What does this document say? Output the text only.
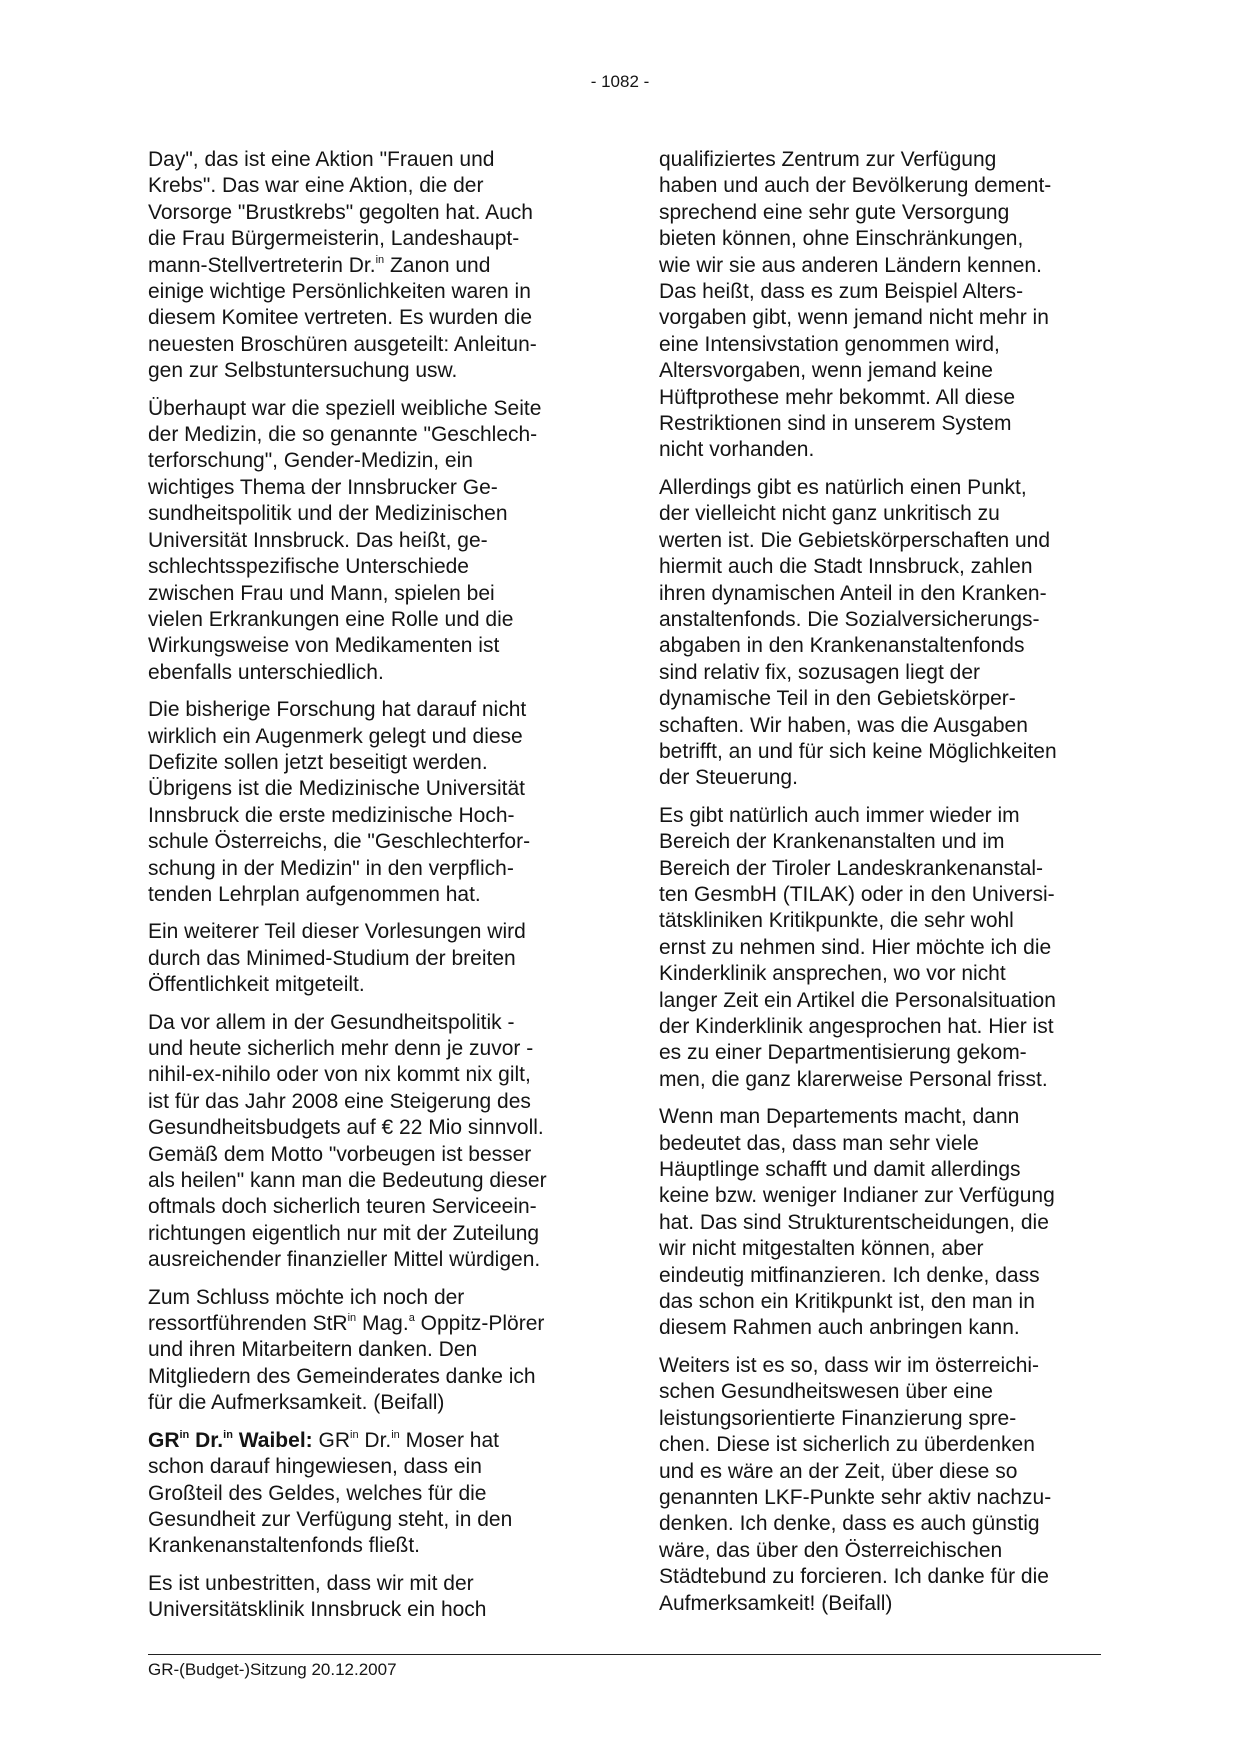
- 1082 -

Day", das ist eine Aktion "Frauen und
Krebs". Das war eine Aktion, die der
Vorsorge "Brustkrebs" gegolten hat. Auch
die Frau Bürgermeisterin, Landeshaupt-
mann-Stellvertreterin Dr.$^{in}$ Zanon und
einige wichtige Persönlichkeiten waren in
diesem Komitee vertreten. Es wurden die
neuesten Broschüren ausgeteilt: Anleitun-
gen zur Selbstuntersuchung usw.

Überhaupt war die speziell weibliche Seite
der Medizin, die so genannte "Geschlech-
terforschung", Gender-Medizin, ein
wichtiges Thema der Innsbrucker Ge-
sundheitspolitik und der Medizinischen
Universität Innsbruck. Das heißt, ge-
schlechtsspezifische Unterschiede
zwischen Frau und Mann, spielen bei
vielen Erkrankungen eine Rolle und die
Wirkungsweise von Medikamenten ist
ebenfalls unterschiedlich.

Die bisherige Forschung hat darauf nicht
wirklich ein Augenmerk gelegt und diese
Defizite sollen jetzt beseitigt werden.
Übrigens ist die Medizinische Universität
Innsbruck die erste medizinische Hoch-
schule Österreichs, die "Geschlechterfor-
schung in der Medizin" in den verpflich-
tenden Lehrplan aufgenommen hat.

Ein weiterer Teil dieser Vorlesungen wird
durch das Minimed-Studium der breiten
Öffentlichkeit mitgeteilt.

Da vor allem in der Gesundheitspolitik -
und heute sicherlich mehr denn je zuvor -
nihil-ex-nihilo oder von nix kommt nix gilt,
ist für das Jahr 2008 eine Steigerung des
Gesundheitsbudgets auf € 22 Mio sinnvoll.
Gemäß dem Motto "vorbeugen ist besser
als heilen" kann man die Bedeutung dieser
oftmals doch sicherlich teuren Serviceein-
richtungen eigentlich nur mit der Zuteilung
ausreichender finanzieller Mittel würdigen.

Zum Schluss möchte ich noch der
ressortführenden StR$^{in}$ Mag.$^a$ Oppitz-Plörer
und ihren Mitarbeitern danken. Den
Mitgliedern des Gemeinderates danke ich
für die Aufmerksamkeit. (Beifall)

$GR^{in}$ Dr.$^{in}$ Waibel: $GR^{in}$ Dr.$^{in}$ Moser hat
schon darauf hingewiesen, dass ein
Großteil des Geldes, welches für die
Gesundheit zur Verfügung steht, in den
Krankenanstaltenfonds fließt.

Es ist unbestritten, dass wir mit der
Universitätsklinik Innsbruck ein hoch

qualifiziertes Zentrum zur Verfügung
haben und auch der Bevölkerung dement-
sprechend eine sehr gute Versorgung
bieten können, ohne Einschränkungen,
wie wir sie aus anderen Ländern kennen.
Das heißt, dass es zum Beispiel Alters-
vorgaben gibt, wenn jemand nicht mehr in
eine Intensivstation genommen wird,
Altersvorgaben, wenn jemand keine
Hüftprothese mehr bekommt. All diese
Restriktionen sind in unserem System
nicht vorhanden.

Allerdings gibt es natürlich einen Punkt,
der vielleicht nicht ganz unkritisch zu
werten ist. Die Gebietskörperschaften und
hiermit auch die Stadt Innsbruck, zahlen
ihren dynamischen Anteil in den Kranken-
anstaltenfonds. Die Sozialversicherungs-
abgaben in den Krankenanstaltenfonds
sind relativ fix, sozusagen liegt der
dynamische Teil in den Gebietskörper-
schaften. Wir haben, was die Ausgaben
betrifft, an und für sich keine Möglichkeiten
der Steuerung.

Es gibt natürlich auch immer wieder im
Bereich der Krankenanstalten und im
Bereich der Tiroler Landeskrankenanstal-
ten GesmbH (TILAK) oder in den Universi-
tätskliniken Kritikpunkte, die sehr wohl
ernst zu nehmen sind. Hier möchte ich die
Kinderklinik ansprechen, wo vor nicht
langer Zeit ein Artikel die Personalsituation
der Kinderklinik angesprochen hat. Hier ist
es zu einer Departmentisierung gekom-
men, die ganz klarerweise Personal frisst.

Wenn man Departements macht, dann
bedeutet das, dass man sehr viele
Häuptlinge schafft und damit allerdings
keine bzw. weniger Indianer zur Verfügung
hat. Das sind Strukturentscheidungen, die
wir nicht mitgestalten können, aber
eindeutig mitfinanzieren. Ich denke, dass
das schon ein Kritikpunkt ist, den man in
diesem Rahmen auch anbringen kann.

Weiters ist es so, dass wir im österreichi-
schen Gesundheitswesen über eine
leistungsorientierte Finanzierung spre-
chen. Diese ist sicherlich zu überdenken
und es wäre an der Zeit, über diese so
genannten LKF-Punkte sehr aktiv nachzu-
denken. Ich denke, dass es auch günstig
wäre, das über den Österreichischen
Städtebund zu forcieren. Ich danke für die
Aufmerksamkeit! (Beifall)

GR-(Budget-)Sitzung 20.12.2007
